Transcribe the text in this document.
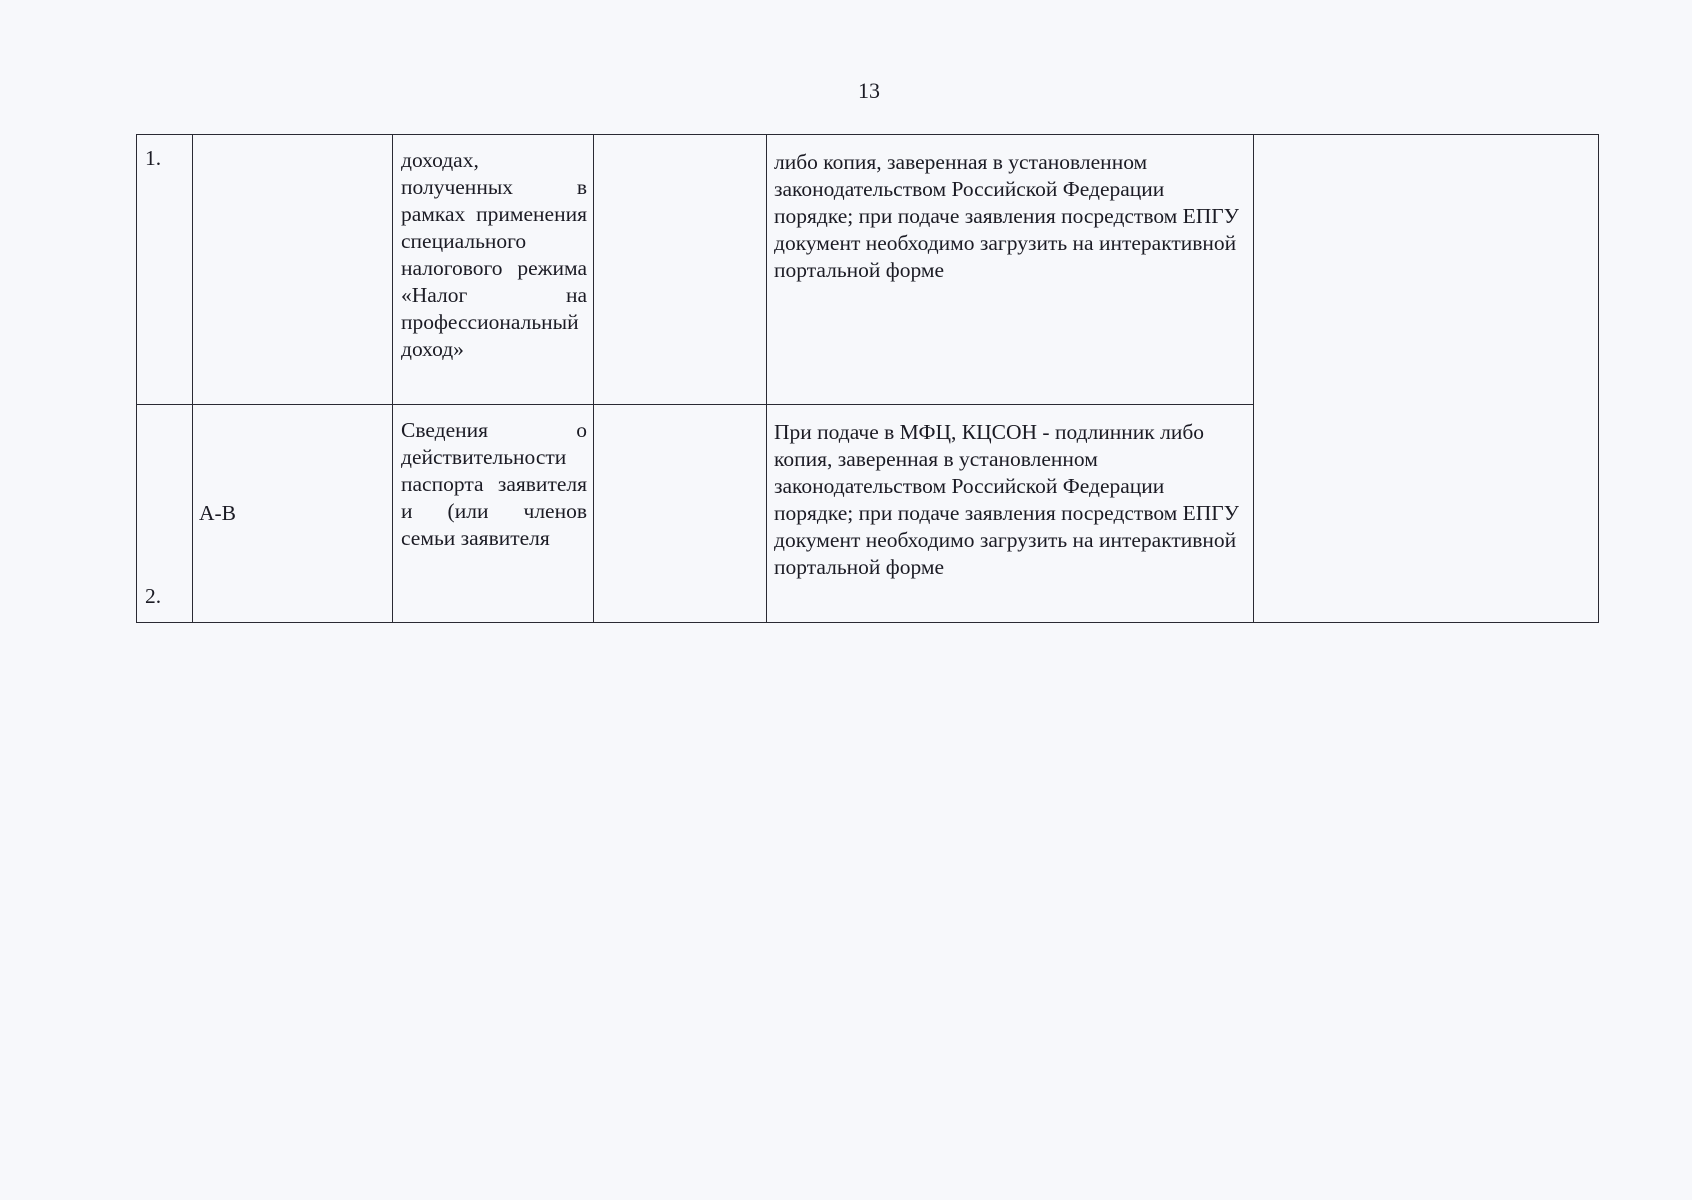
13
1.		доходах, полученных в рамках применения специального налогового режима «Налог на профессиональный доход»		либо копия, заверенная в установленном законодательством Российской Федерации порядке; при подаче заявления посредством ЕПГУ документ необходимо загрузить на интерактивной портальной форме	

2.	А-В	Сведения о действительности паспорта заявителя и (или членов семьи заявителя		При подаче в МФЦ, КЦСОН - подлинник либо копия, заверенная в установленном законодательством Российской Федерации порядке; при подаче заявления посредством ЕПГУ документ необходимо загрузить на интерактивной портальной форме	
